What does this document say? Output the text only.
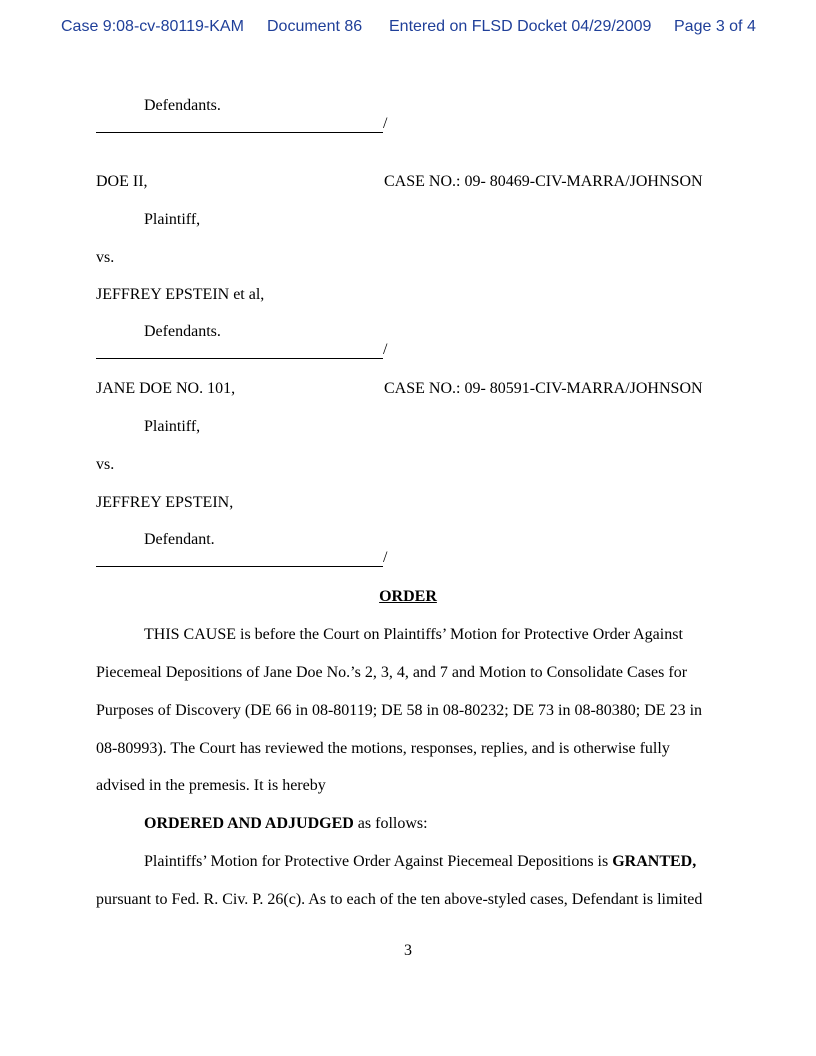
Case 9:08-cv-80119-KAM Document 86 Entered on FLSD Docket 04/29/2009 Page 3 of 4
Defendants.
/
DOE II,	CASE NO.: 09- 80469-CIV-MARRA/JOHNSON
Plaintiff,
vs.
JEFFREY EPSTEIN et al,
Defendants.
/
JANE DOE NO. 101,	CASE NO.: 09- 80591-CIV-MARRA/JOHNSON
Plaintiff,
vs.
JEFFREY EPSTEIN,
Defendant.
/
ORDER
THIS CAUSE is before the Court on Plaintiffs’ Motion for Protective Order Against
Piecemeal Depositions of Jane Doe No.’s 2, 3, 4, and 7 and Motion to Consolidate Cases for
Purposes of Discovery (DE 66 in 08-80119; DE 58 in 08-80232; DE 73 in 08-80380; DE 23 in
08-80993). The Court has reviewed the motions, responses, replies, and is otherwise fully
advised in the premesis. It is hereby
ORDERED AND ADJUDGED as follows:
Plaintiffs’ Motion for Protective Order Against Piecemeal Depositions is GRANTED,
pursuant to Fed. R. Civ. P. 26(c). As to each of the ten above-styled cases, Defendant is limited
3
